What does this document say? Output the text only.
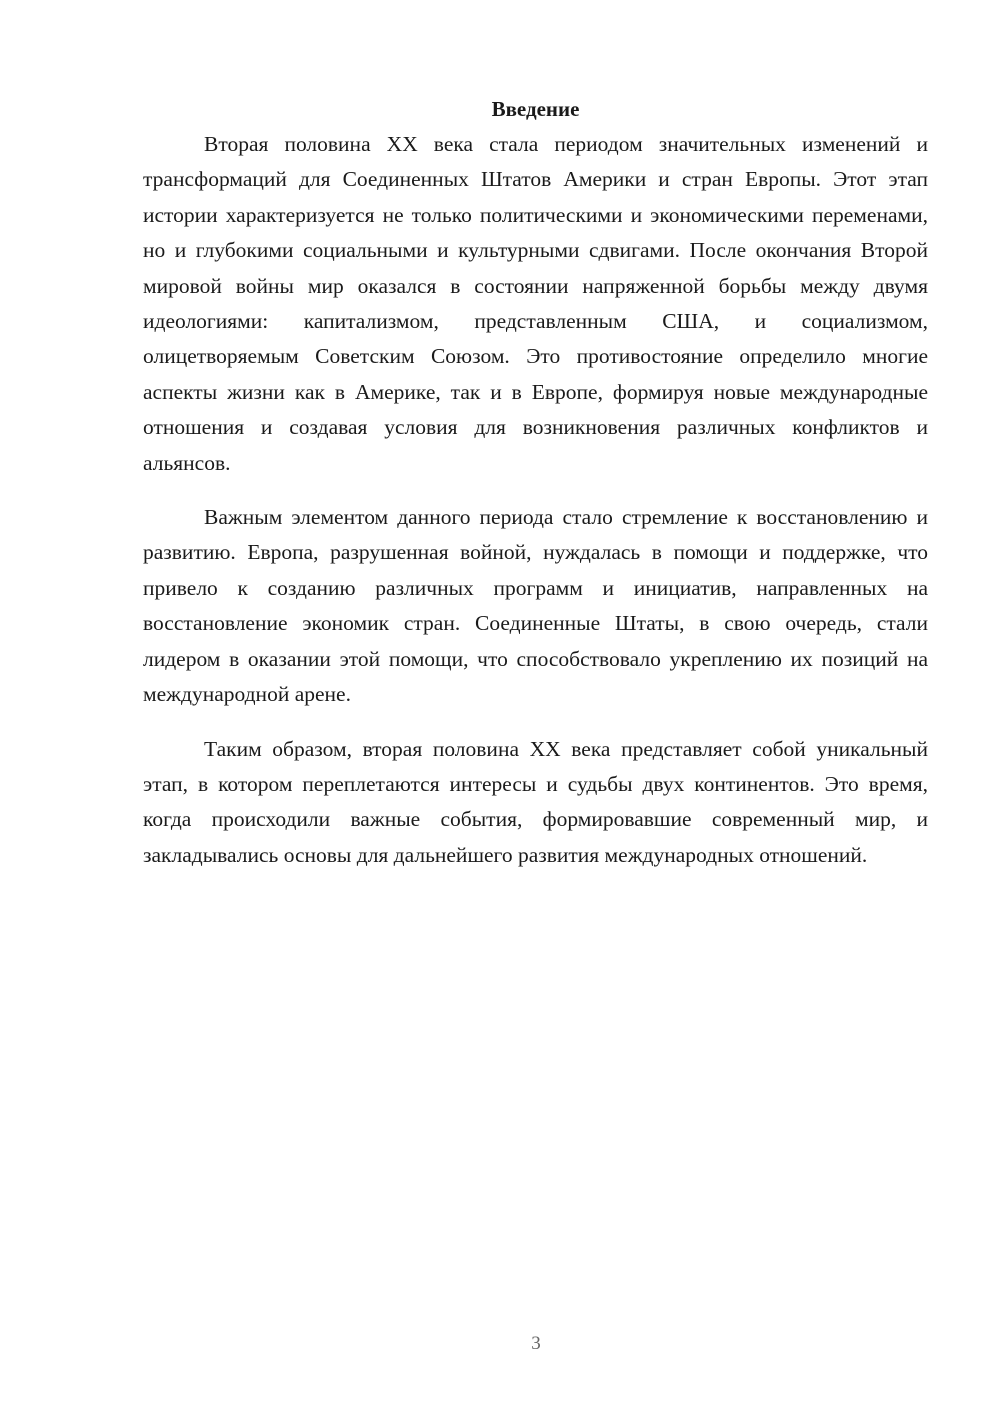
Введение

Вторая половина XX века стала периодом значительных изменений и трансформаций для Соединенных Штатов Америки и стран Европы. Этот этап истории характеризуется не только политическими и экономическими переменами, но и глубокими социальными и культурными сдвигами. После окончания Второй мировой войны мир оказался в состоянии напряженной борьбы между двумя идеологиями: капитализмом, представленным США, и социализмом, олицетворяемым Советским Союзом. Это противостояние определило многие аспекты жизни как в Америке, так и в Европе, формируя новые международные отношения и создавая условия для возникновения различных конфликтов и альянсов.

Важным элементом данного периода стало стремление к восстановлению и развитию. Европа, разрушенная войной, нуждалась в помощи и поддержке, что привело к созданию различных программ и инициатив, направленных на восстановление экономик стран. Соединенные Штаты, в свою очередь, стали лидером в оказании этой помощи, что способствовало укреплению их позиций на международной арене.

Таким образом, вторая половина XX века представляет собой уникальный этап, в котором переплетаются интересы и судьбы двух континентов. Это время, когда происходили важные события, формировавшие современный мир, и закладывались основы для дальнейшего развития международных отношений.

3
